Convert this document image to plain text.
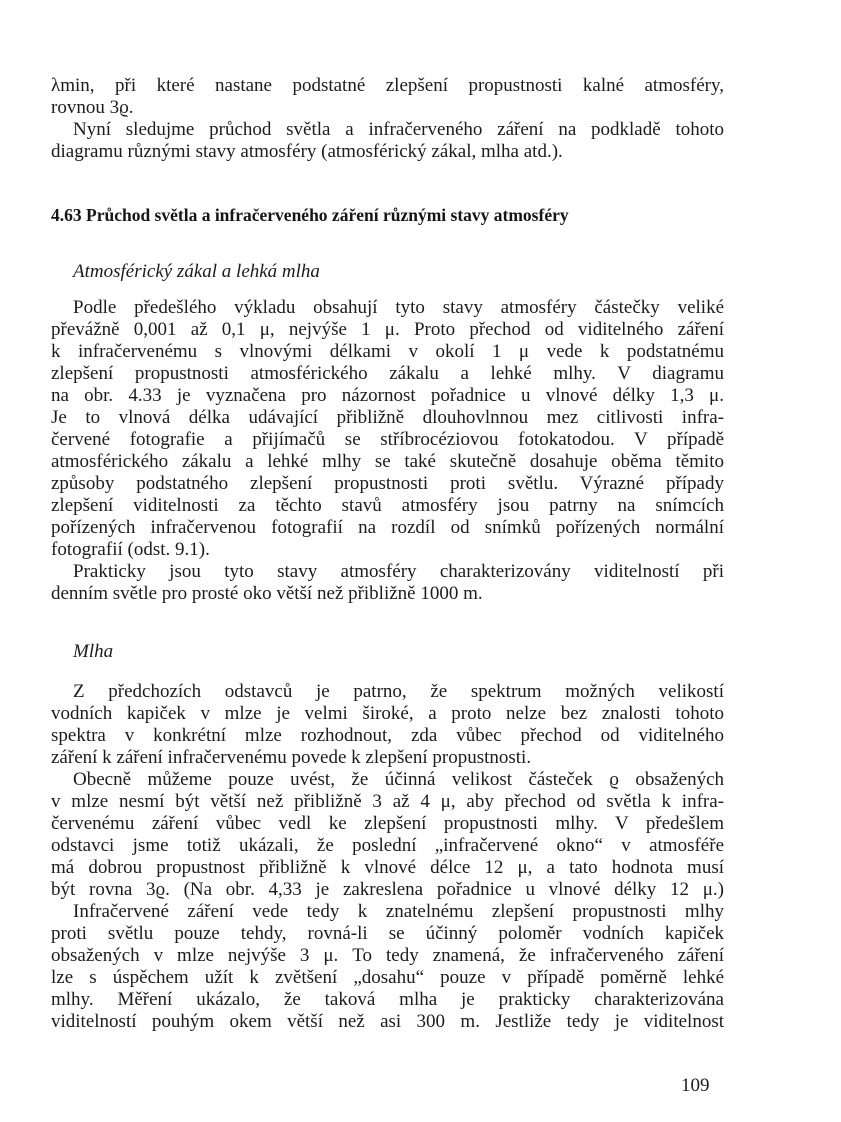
λmin, při které nastane podstatné zlepšení propustnosti kalné atmosféry,
rovnou 3ϱ.
Nyní sledujme průchod světla a infračerveného záření na podkladě tohoto
diagramu různými stavy atmosféry (atmosférický zákal, mlha atd.).
4.63 Průchod světla a infračerveného záření různými stavy atmosféry
Atmosférický zákal a lehká mlha
Podle předešlého výkladu obsahují tyto stavy atmosféry částečky veliké
převážně 0,001 až 0,1 μ, nejvýše 1 μ. Proto přechod od viditelného záření
k infračervenému s vlnovými délkami v okolí 1 μ vede k podstatnému
zlepšení propustnosti atmosférického zákalu a lehké mlhy. V diagramu
na obr. 4.33 je vyznačena pro názornost pořadnice u vlnové délky 1,3 μ.
Je to vlnová délka udávající přibližně dlouhovlnnou mez citlivosti infra-
červené fotografie a přijímačů se stříbrocéziovou fotokatodou. V případě
atmosférického zákalu a lehké mlhy se také skutečně dosahuje oběma těmito
způsoby podstatného zlepšení propustnosti proti světlu. Výrazné případy
zlepšení viditelnosti za těchto stavů atmosféry jsou patrny na snímcích
pořízených infračervenou fotografií na rozdíl od snímků pořízených normální
fotografií (odst. 9.1).
Prakticky jsou tyto stavy atmosféry charakterizovány viditelností při
denním světle pro prosté oko větší než přibližně 1000 m.
Mlha
Z předchozích odstavců je patrno, že spektrum možných velikostí
vodních kapiček v mlze je velmi široké, a proto nelze bez znalosti tohoto
spektra v konkrétní mlze rozhodnout, zda vůbec přechod od viditelného
záření k záření infračervenému povede k zlepšení propustnosti.
Obecně můžeme pouze uvést, že účinná velikost částeček ϱ obsažených
v mlze nesmí být větší než přibližně 3 až 4 μ, aby přechod od světla k infra-
červenému záření vůbec vedl ke zlepšení propustnosti mlhy. V předešlem
odstavci jsme totiž ukázali, že poslední „infračervené okno“ v atmosféře
má dobrou propustnost přibližně k vlnové délce 12 μ, a tato hodnota musí
být rovna 3ϱ. (Na obr. 4,33 je zakreslena pořadnice u vlnové délky 12 μ.)
Infračervené záření vede tedy k znatelnému zlepšení propustnosti mlhy
proti světlu pouze tehdy, rovná-li se účinný poloměr vodních kapiček
obsažených v mlze nejvýše 3 μ. To tedy znamená, že infračerveného záření
lze s úspěchem užít k zvětšení „dosahu“ pouze v případě poměrně lehké
mlhy. Měření ukázalo, že taková mlha je prakticky charakterizována
viditelností pouhým okem větší než asi 300 m. Jestliže tedy je viditelnost
109
